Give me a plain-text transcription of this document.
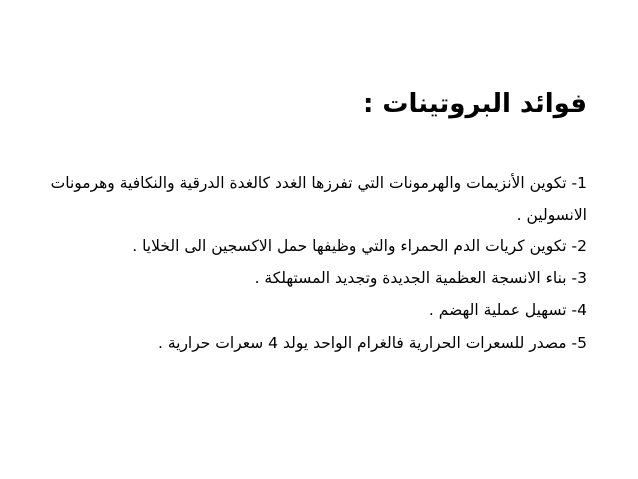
فوائد البروتينات :
1- تكوين الأنزيمات والهرمونات التي تفرزها الغدد كالغدة الدرقية والنكافية وهرمونات
الانسولين .
2- تكوين كريات الدم الحمراء والتي وظيفها حمل الاكسجين الى الخلايا .
3- بناء الانسجة العظمية الجديدة وتجديد المستهلكة .
4- تسهيل عملية الهضم .
5- مصدر للسعرات الحرارية فالغرام الواحد يولد 4 سعرات حرارية .
